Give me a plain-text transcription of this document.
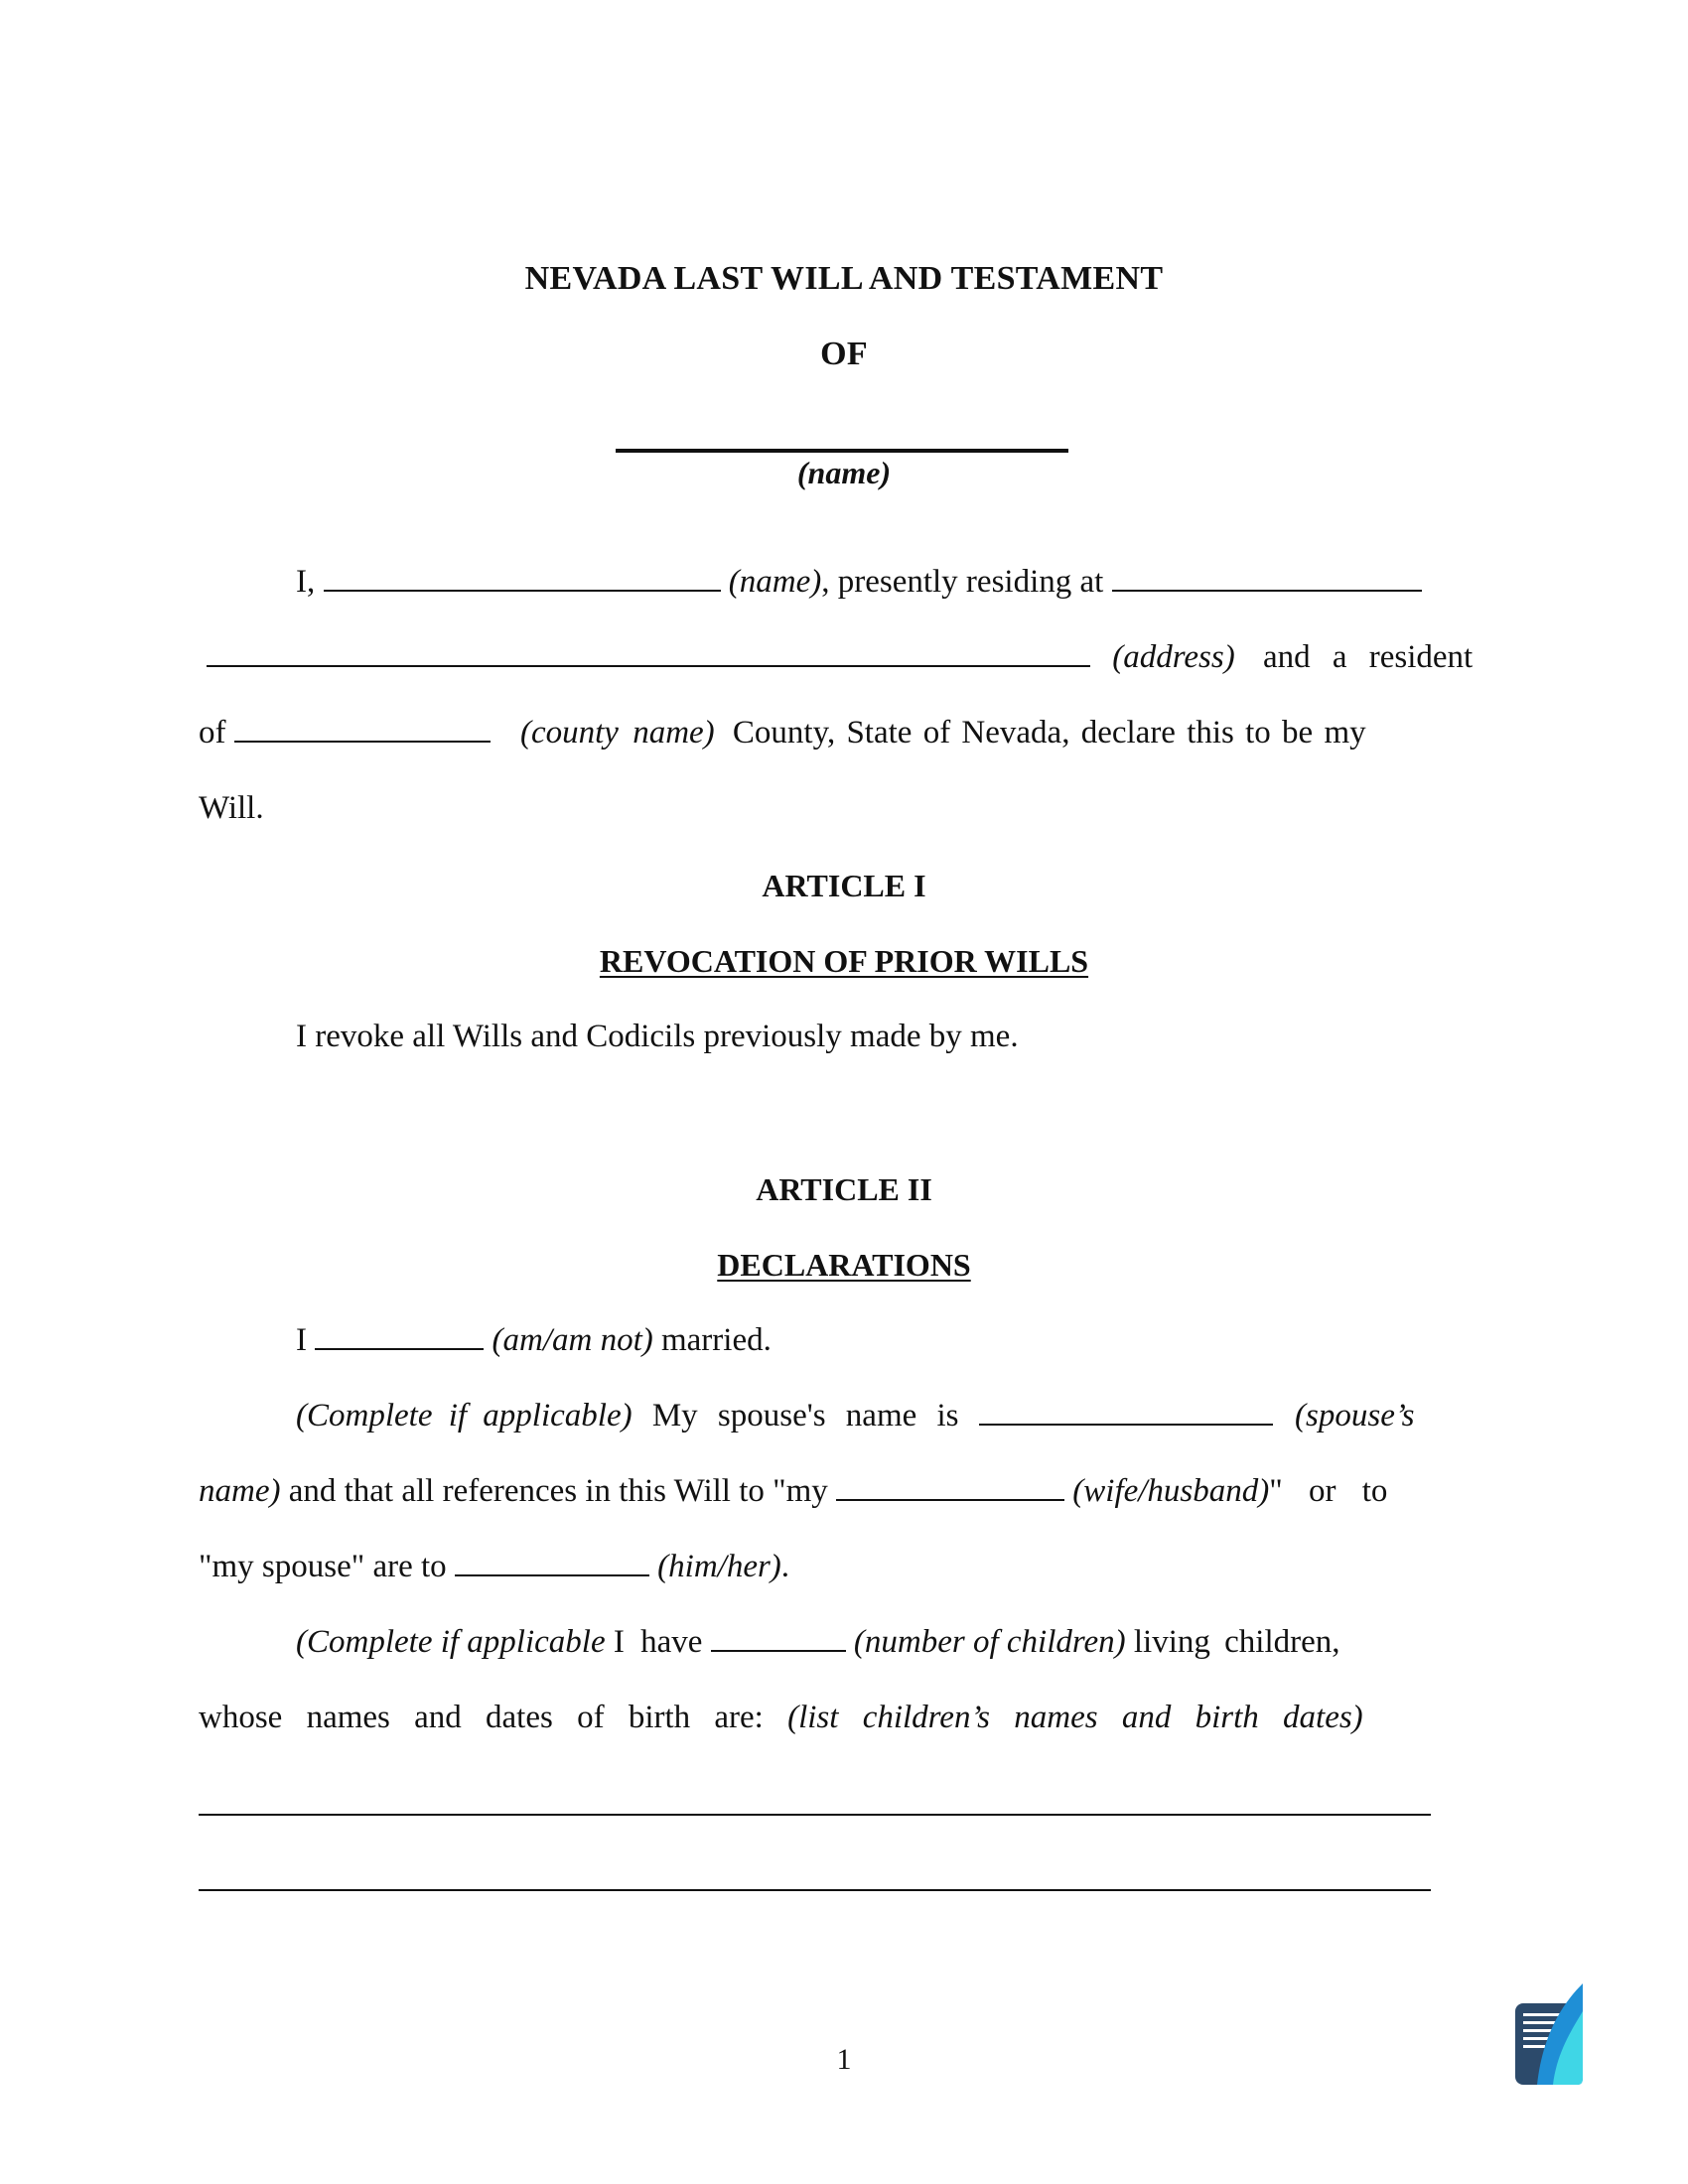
NEVADA LAST WILL AND TESTAMENT
OF
(name)
I,	(name), presently residing at
(address) and a resident
of	(county name) County, State of Nevada, declare this to be my
Will.
ARTICLE I
REVOCATION OF PRIOR WILLS
I revoke all Wills and Codicils previously made by me.
ARTICLE II
DECLARATIONS
I	(am/am not) married.
(Complete if applicable) My spouse's name is	(spouse’s
name) and that all references in this Will to "my	(wife/husband)" or to
"my spouse" are to	(him/her).
(Complete if applicable I have	(number of children) living children,
whose names and dates of birth are: (list children’s names and birth dates)
1
